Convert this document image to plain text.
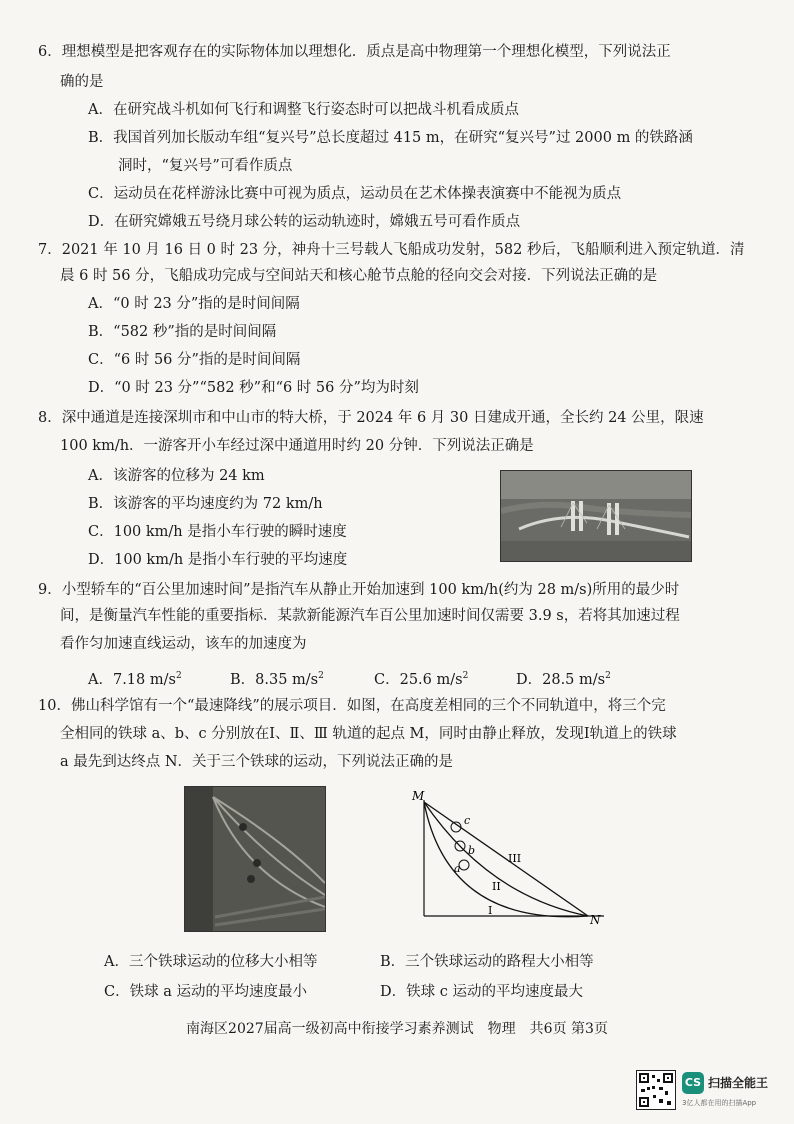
6．理想模型是把客观存在的实际物体加以理想化．质点是高中物理第一个理想化模型，下列说法正
确的是
A．在研究战斗机如何飞行和调整飞行姿态时可以把战斗机看成质点
B．我国首列加长版动车组“复兴号”总长度超过 415 m，在研究“复兴号”过 2000 m 的铁路涵
洞时，“复兴号”可看作质点
C．运动员在花样游泳比赛中可视为质点，运动员在艺术体操表演赛中不能视为质点
D．在研究嫦娥五号绕月球公转的运动轨迹时，嫦娥五号可看作质点
7．2021 年 10 月 16 日 0 时 23 分，神舟十三号载人飞船成功发射，582 秒后，飞船顺利进入预定轨道．清
晨 6 时 56 分，飞船成功完成与空间站天和核心舱节点舱的径向交会对接．下列说法正确的是
A．“0 时 23 分”指的是时间间隔
B．“582 秒”指的是时间间隔
C．“6 时 56 分”指的是时间间隔
D．“0 时 23 分”“582 秒”和“6 时 56 分”均为时刻
8．深中通道是连接深圳市和中山市的特大桥，于 2024 年 6 月 30 日建成开通，全长约 24 公里，限速
100 km/h．一游客开小车经过深中通道用时约 20 分钟．下列说法正确是
A．该游客的位移为 24 km
B．该游客的平均速度约为 72 km/h
C．100 km/h 是指小车行驶的瞬时速度
D．100 km/h 是指小车行驶的平均速度
9．小型轿车的“百公里加速时间”是指汽车从静止开始加速到 100 km/h(约为 28 m/s)所用的最少时
间，是衡量汽车性能的重要指标．某款新能源汽车百公里加速时间仅需要 3.9 s，若将其加速过程
看作匀加速直线运动，该车的加速度为
A．7.18 $m/s^2$	B．8.35 $m/s^2$	C．25.6 $m/s^2$	D．28.5 $m/s^2$
10．佛山科学馆有一个“最速降线”的展示项目．如图，在高度差相同的三个不同轨道中，将三个完
全相同的铁球 a、b、c 分别放在Ⅰ、Ⅱ、Ⅲ 轨道的起点 M，同时由静止释放，发现Ⅰ轨道上的铁球
a 最先到达终点 N．关于三个铁球的运动，下列说法正确的是
M
N
c
b
a
I
II
III
A．三个铁球运动的位移大小相等	B．三个铁球运动的路程大小相等
C．铁球 a 运动的平均速度最小	D．铁球 c 运动的平均速度最大
南海区2027届高一级初高中衔接学习素养测试　物理　共6页 第3页
CS 扫描全能王
3亿人都在用的扫描App
